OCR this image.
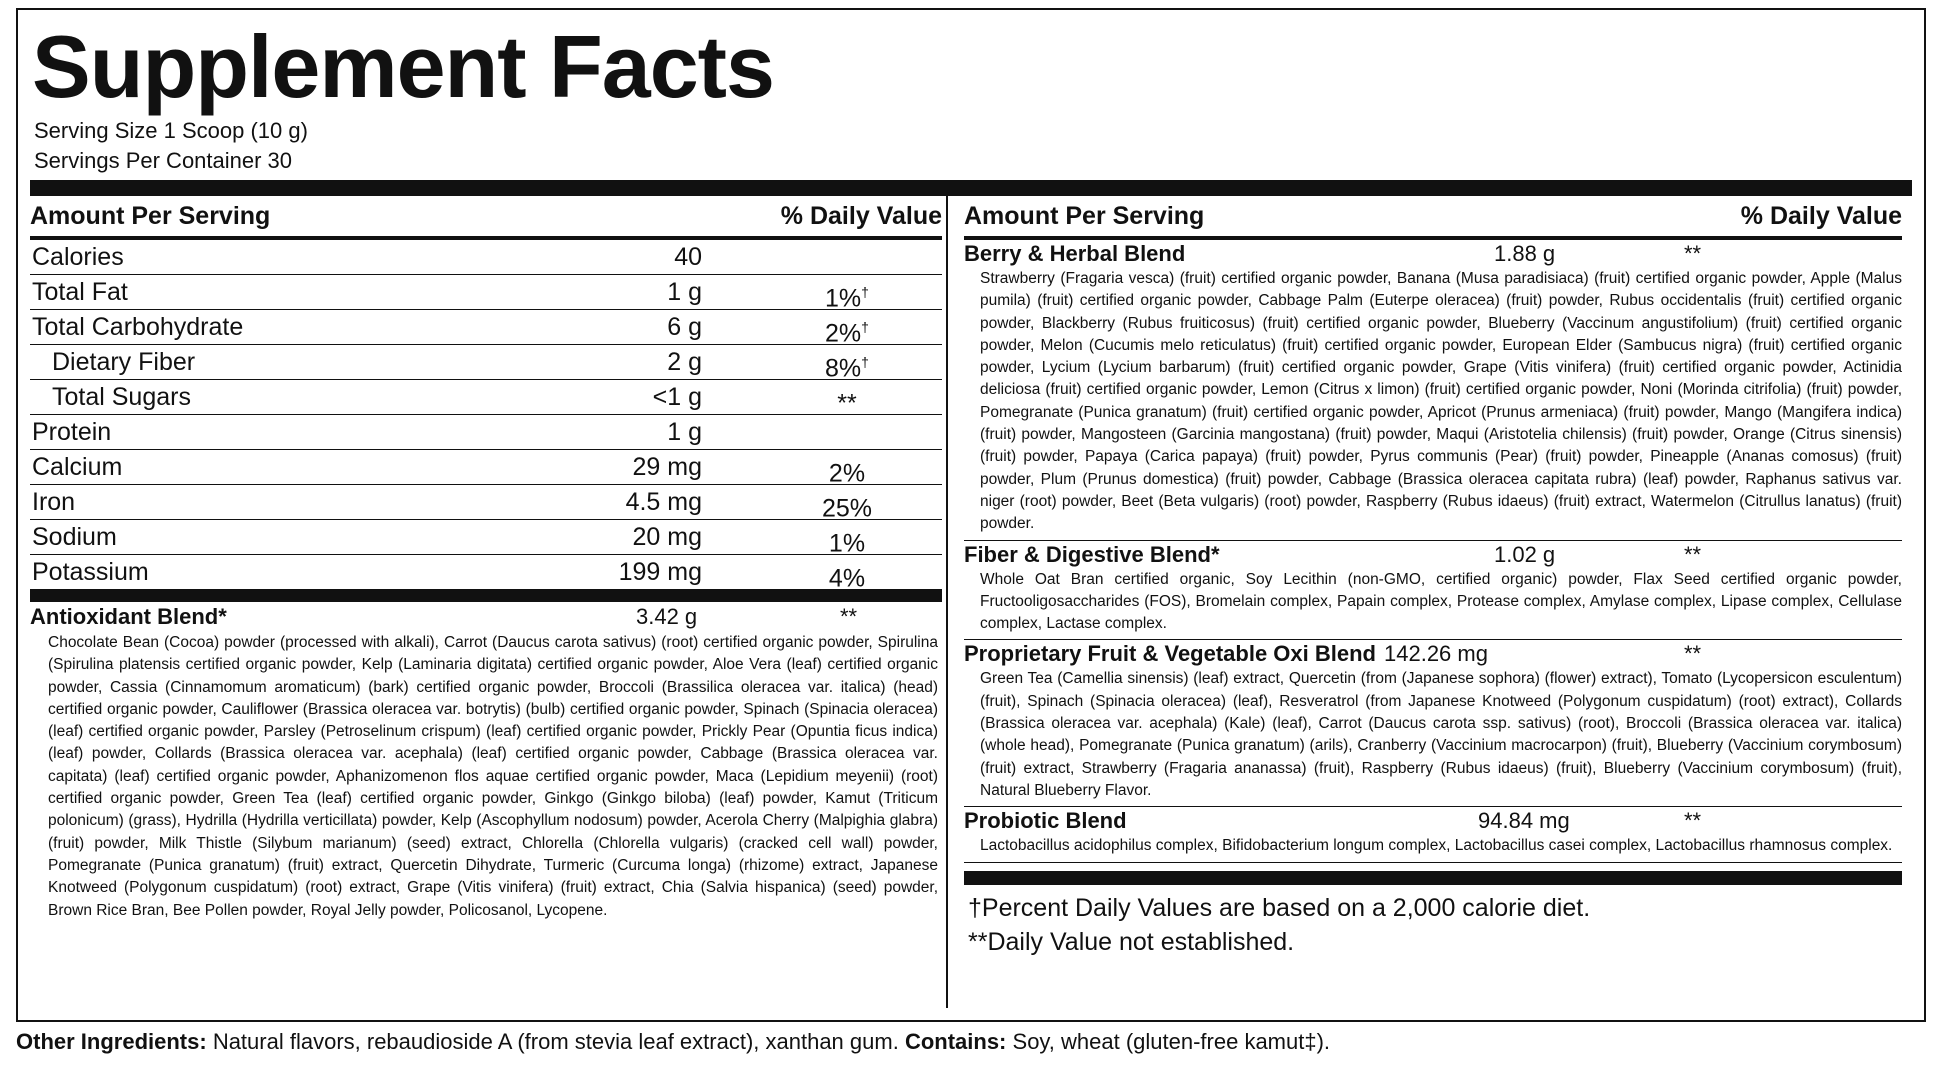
Supplement Facts
Serving Size 1 Scoop (10 g)
Servings Per Container 30
Amount Per Serving	% Daily Value
Calories	40
Total Fat	1 g	1%†
Total Carbohydrate	6 g	2%†
Dietary Fiber	2 g	8%†
Total Sugars	<1 g	**
Protein	1 g
Calcium	29 mg	2%
Iron	4.5 mg	25%
Sodium	20 mg	1%
Potassium	199 mg	4%
Antioxidant Blend*	3.42 g	**
Chocolate Bean (Cocoa) powder (processed with alkali), Carrot (Daucus carota sativus) (root) certified organic powder, Spirulina (Spirulina platensis certified organic powder, Kelp (Laminaria digitata) certified organic powder, Aloe Vera (leaf) certified organic powder, Cassia (Cinnamomum aromaticum) (bark) certified organic powder, Broccoli (Brassilica oleracea var. italica) (head) certified organic powder, Cauliflower (Brassica oleracea var. botrytis) (bulb) certified organic powder, Spinach (Spinacia oleracea) (leaf) certified organic powder, Parsley (Petroselinum crispum) (leaf) certified organic powder, Prickly Pear (Opuntia ficus indica) (leaf) powder, Collards (Brassica oleracea var. acephala) (leaf) certified organic powder, Cabbage (Brassica oleracea var. capitata) (leaf) certified organic powder, Aphanizomenon flos aquae certified organic powder, Maca (Lepidium meyenii) (root) certified organic powder, Green Tea (leaf) certified organic powder, Ginkgo (Ginkgo biloba) (leaf) powder, Kamut (Triticum polonicum) (grass), Hydrilla (Hydrilla verticillata) powder, Kelp (Ascophyllum nodosum) powder, Acerola Cherry (Malpighia glabra) (fruit) powder, Milk Thistle (Silybum marianum) (seed) extract, Chlorella (Chlorella vulgaris) (cracked cell wall) powder, Pomegranate (Punica granatum) (fruit) extract, Quercetin Dihydrate, Turmeric (Curcuma longa) (rhizome) extract, Japanese Knotweed (Polygonum cuspidatum) (root) extract, Grape (Vitis vinifera) (fruit) extract, Chia (Salvia hispanica) (seed) powder, Brown Rice Bran, Bee Pollen powder, Royal Jelly powder, Policosanol, Lycopene.
Amount Per Serving	% Daily Value
Berry & Herbal Blend	1.88 g	**
Strawberry (Fragaria vesca) (fruit) certified organic powder, Banana (Musa paradisiaca) (fruit) certified organic powder, Apple (Malus pumila) (fruit) certified organic powder, Cabbage Palm (Euterpe oleracea) (fruit) powder, Rubus occidentalis (fruit) certified organic powder, Blackberry (Rubus fruiticosus) (fruit) certified organic powder, Blueberry (Vaccinum angustifolium) (fruit) certified organic powder, Melon (Cucumis melo reticulatus) (fruit) certified organic powder, European Elder (Sambucus nigra) (fruit) certified organic powder, Lycium (Lycium barbarum) (fruit) certified organic powder, Grape (Vitis vinifera) (fruit) certified organic powder, Actinidia deliciosa (fruit) certified organic powder, Lemon (Citrus x limon) (fruit) certified organic powder, Noni (Morinda citrifolia) (fruit) powder, Pomegranate (Punica granatum) (fruit) certified organic powder, Apricot (Prunus armeniaca) (fruit) powder, Mango (Mangifera indica) (fruit) powder, Mangosteen (Garcinia mangostana) (fruit) powder, Maqui (Aristotelia chilensis) (fruit) powder, Orange (Citrus sinensis) (fruit) powder, Papaya (Carica papaya) (fruit) powder, Pyrus communis (Pear) (fruit) powder, Pineapple (Ananas comosus) (fruit) powder, Plum (Prunus domestica) (fruit) powder, Cabbage (Brassica oleracea capitata rubra) (leaf) powder, Raphanus sativus var. niger (root) powder, Beet (Beta vulgaris) (root) powder, Raspberry (Rubus idaeus) (fruit) extract, Watermelon (Citrullus lanatus) (fruit) powder.
Fiber & Digestive Blend*	1.02 g	**
Whole Oat Bran certified organic, Soy Lecithin (non-GMO, certified organic) powder, Flax Seed certified organic powder, Fructooligosaccharides (FOS), Bromelain complex, Papain complex, Protease complex, Amylase complex, Lipase complex, Cellulase complex, Lactase complex.
Proprietary Fruit & Vegetable Oxi Blend 142.26 mg	**
Green Tea (Camellia sinensis) (leaf) extract, Quercetin (from (Japanese sophora) (flower) extract), Tomato (Lycopersicon esculentum) (fruit), Spinach (Spinacia oleracea) (leaf), Resveratrol (from Japanese Knotweed (Polygonum cuspidatum) (root) extract), Collards (Brassica oleracea var. acephala) (Kale) (leaf), Carrot (Daucus carota ssp. sativus) (root), Broccoli (Brassica oleracea var. italica) (whole head), Pomegranate (Punica granatum) (arils), Cranberry (Vaccinium macrocarpon) (fruit), Blueberry (Vaccinium corymbosum) (fruit) extract, Strawberry (Fragaria ananassa) (fruit), Raspberry (Rubus idaeus) (fruit), Blueberry (Vaccinium corymbosum) (fruit), Natural Blueberry Flavor.
Probiotic Blend	94.84 mg	**
Lactobacillus acidophilus complex, Bifidobacterium longum complex, Lactobacillus casei complex, Lactobacillus rhamnosus complex.
†Percent Daily Values are based on a 2,000 calorie diet.
**Daily Value not established.
Other Ingredients: Natural flavors, rebaudioside A (from stevia leaf extract), xanthan gum. Contains: Soy, wheat (gluten-free kamut‡).
